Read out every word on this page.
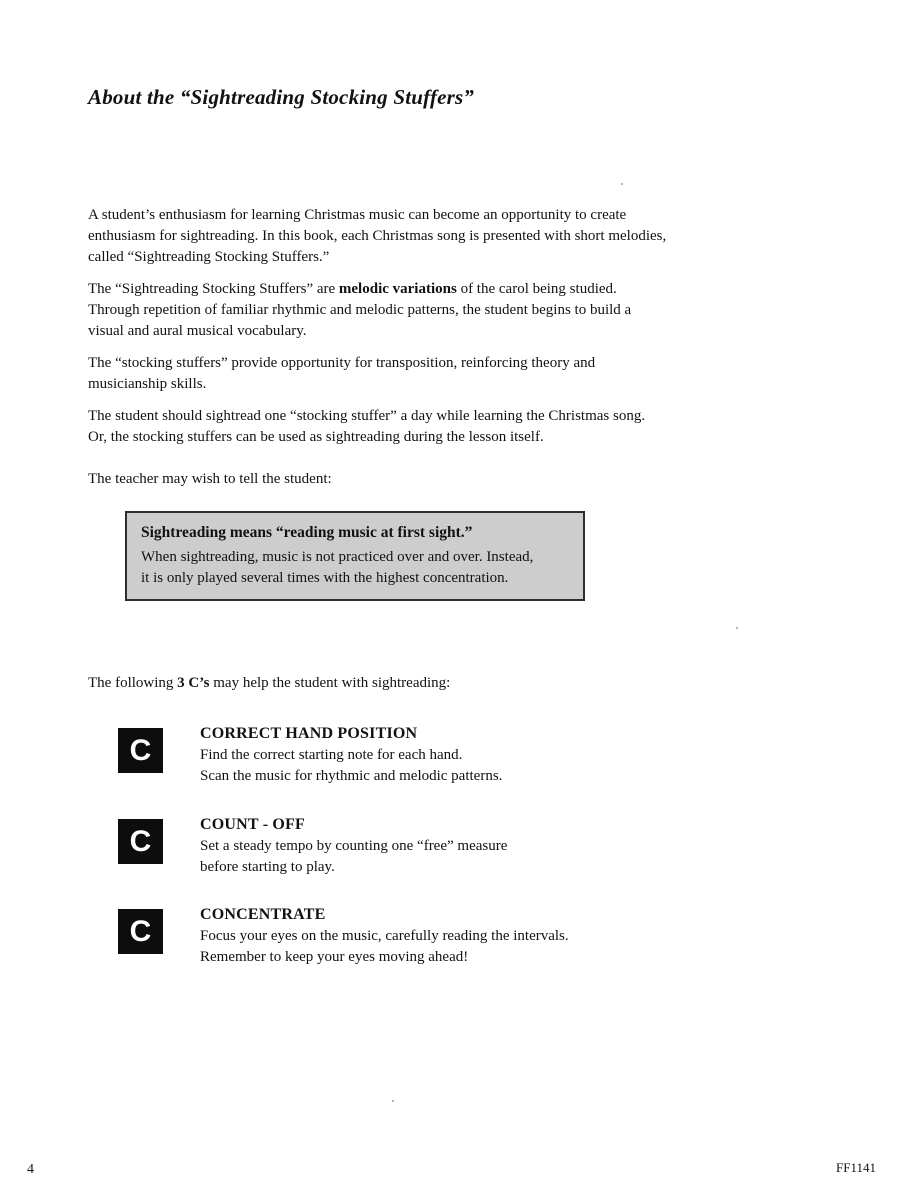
About the “Sightreading Stocking Stuffers”

A student’s enthusiasm for learning Christmas music can become an opportunity to create enthusiasm for sightreading. In this book, each Christmas song is presented with short melodies, called “Sightreading Stocking Stuffers.”

The “Sightreading Stocking Stuffers” are melodic variations of the carol being studied. Through repetition of familiar rhythmic and melodic patterns, the student begins to build a visual and aural musical vocabulary.

The “stocking stuffers” provide opportunity for transposition, reinforcing theory and musicianship skills.

The student should sightread one “stocking stuffer” a day while learning the Christmas song.  Or, the stocking stuffers can be used as sightreading during the lesson itself.

The teacher may wish to tell the student:

Sightreading means “reading music at first sight.”
When sightreading, music is not practiced over and over. Instead,
it is only played several times with the highest concentration.

The following 3 C’s may help the student with sightreading:

C	CORRECT HAND POSITION
Find the correct starting note for each hand.
Scan the music for rhythmic and melodic patterns.
C	COUNT - OFF
Set a steady tempo by counting one “free” measure
before starting to play.
C	CONCENTRATE
Focus your eyes on the music, carefully reading the intervals.
Remember to keep your eyes moving ahead!
4	FF1141
